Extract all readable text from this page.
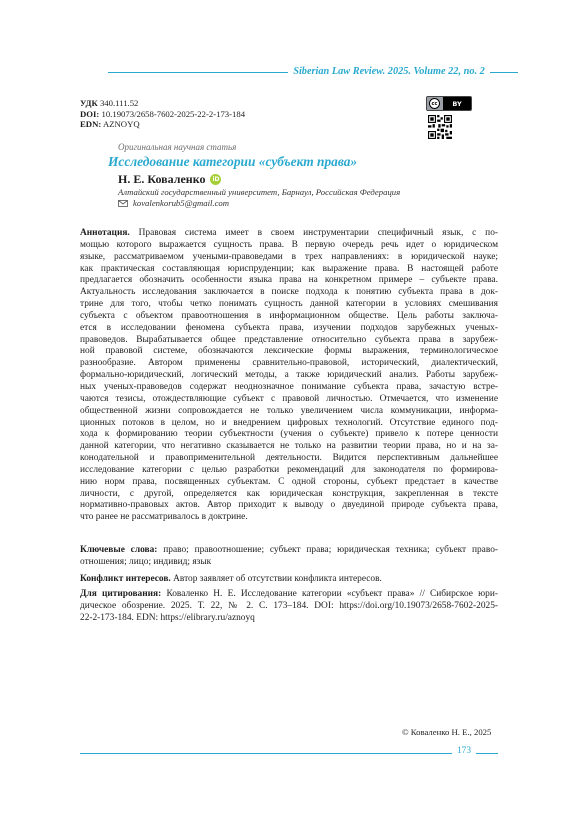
Siberian Law Review. 2025. Volume 22, no. 2
УДК 340.111.52
DOI: 10.19073/2658-7602-2025-22-2-173-184
EDN: AZNOYQ
cc	BY
Оригинальная научная статья
Исследование категории «субъект права»
Н. Е. Коваленко	iD
Алтайский государственный университет, Барнаул, Российская Федерация
kovalenkorub5@gmail.com
Аннотация. Правовая система имеет в своем инструментарии специфичный язык, с по-
мощью которого выражается сущность права. В первую очередь речь идет о юридическом
языке, рассматриваемом учеными-правоведами в трех направлениях: в юридической науке;
как практическая составляющая юриспруденции; как выражение права. В настоящей работе
предлагается обозначить особенности языка права на конкретном примере – субъекте права.
Актуальность исследования заключается в поиске подхода к понятию субъекта права в док-
трине для того, чтобы четко понимать сущность данной категории в условиях смешивания
субъекта с объектом правоотношения в информационном обществе. Цель работы заключа-
ется в исследовании феномена субъекта права, изучении подходов зарубежных ученых-
правоведов. Вырабатывается общее представление относительно субъекта права в зарубеж-
ной правовой системе, обозначаются лексические формы выражения, терминологическое
разнообразие. Автором применены сравнительно-правовой, исторический, диалектический,
формально-юридический, логический методы, а также юридический анализ. Работы зарубеж-
ных ученых-правоведов содержат неоднозначное понимание субъекта права, зачастую встре-
чаются тезисы, отождествляющие субъект с правовой личностью. Отмечается, что изменение
общественной жизни сопровождается не только увеличением числа коммуникации, информа-
ционных потоков в целом, но и внедрением цифровых технологий. Отсутствие единого под-
хода к формированию теории субъектности (учения о субъекте) привело к потере ценности
данной категории, что негативно сказывается не только на развитии теории права, но и на за-
конодательной и правоприменительной деятельности. Видится перспективным дальнейшее
исследование категории с целью разработки рекомендаций для законодателя по формирова-
нию норм права, посвященных субъектам. С одной стороны, субъект предстает в качестве
личности, с другой, определяется как юридическая конструкция, закрепленная в тексте
нормативно-правовых актов. Автор приходит к выводу о двуединой природе субъекта права,
что ранее не рассматривалось в доктрине.
Ключевые слова: право; правоотношение; субъект права; юридическая техника; субъект право-
отношения; лицо; индивид; язык
Конфликт интересов. Автор заявляет об отсутствии конфликта интересов.
Для цитирования: Коваленко Н. Е. Исследование категории «субъект права» // Сибирское юри-
дическое обозрение. 2025. Т. 22, № 2. С. 173–184. DOI: https://doi.org/10.19073/2658-7602-2025-
22-2-173-184. EDN: https://elibrary.ru/aznoyq
© Коваленко Н. Е., 2025
173
